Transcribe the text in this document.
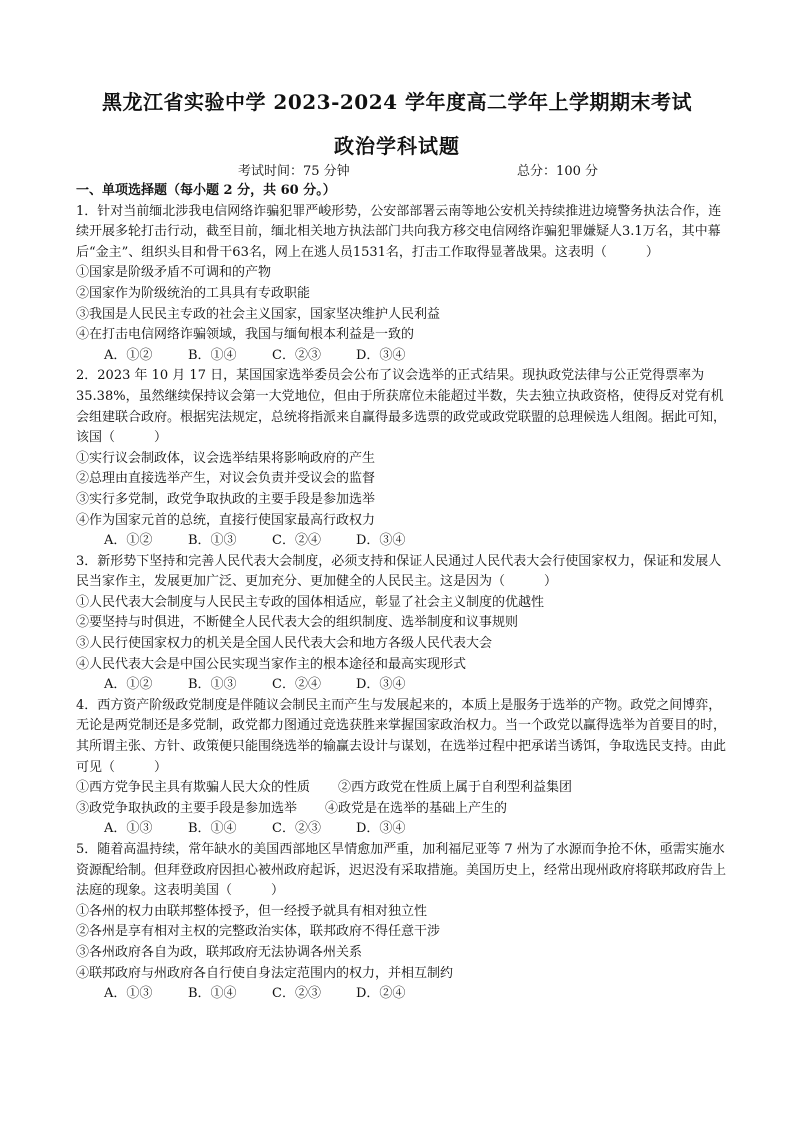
黑龙江省实验中学 2023-2024 学年度高二学年上学期期末考试
政治学科试题
考试时间：75 分钟	总分：100 分
一、单项选择题（每小题 2 分，共 60 分。）
1．针对当前缅北涉我电信网络诈骗犯罪严峻形势，公安部部署云南等地公安机关持续推进边境警务执法合作，连续开展多轮打击行动，截至目前，缅北相关地方执法部门共向我方移交电信网络诈骗犯罪嫌疑人3.1万名，其中幕后“金主”、组织头目和骨干63名，网上在逃人员1531名，打击工作取得显著战果。这表明（　　　）
①国家是阶级矛盾不可调和的产物
②国家作为阶级统治的工具具有专政职能
③我国是人民民主专政的社会主义国家，国家坚决维护人民利益
④在打击电信网络诈骗领域，我国与缅甸根本利益是一致的
A．①②	B．①④	C．②③	D．③④
2．2023 年 10 月 17 日，某国国家选举委员会公布了议会选举的正式结果。现执政党法律与公正党得票率为 35.38%，虽然继续保持议会第一大党地位，但由于所获席位未能超过半数，失去独立执政资格，使得反对党有机会组建联合政府。根据宪法规定，总统将指派来自赢得最多选票的政党或政党联盟的总理候选人组阁。据此可知，该国（　　　）
①实行议会制政体，议会选举结果将影响政府的产生
②总理由直接选举产生，对议会负责并受议会的监督
③实行多党制，政党争取执政的主要手段是参加选举
④作为国家元首的总统，直接行使国家最高行政权力
A．①②	B．①③	C．②④	D．③④
3．新形势下坚持和完善人民代表大会制度，必须支持和保证人民通过人民代表大会行使国家权力，保证和发展人民当家作主，发展更加广泛、更加充分、更加健全的人民民主。这是因为（　　　）
①人民代表大会制度与人民民主专政的国体相适应，彰显了社会主义制度的优越性
②要坚持与时俱进，不断健全人民代表大会的组织制度、选举制度和议事规则
③人民行使国家权力的机关是全国人民代表大会和地方各级人民代表大会
④人民代表大会是中国公民实现当家作主的根本途径和最高实现形式
A．①②	B．①③	C．②④	D．③④
4．西方资产阶级政党制度是伴随议会制民主而产生与发展起来的，本质上是服务于选举的产物。政党之间博弈，无论是两党制还是多党制，政党都力图通过竞选获胜来掌握国家政治权力。当一个政党以赢得选举为首要目的时，其所谓主张、方针、政策便只能围绕选举的输赢去设计与谋划，在选举过程中把承诺当诱饵，争取选民支持。由此可见（　　　）
①西方党争民主具有欺骗人民大众的性质 ②西方政党在性质上属于自利型利益集团
③政党争取执政的主要手段是参加选举 ④政党是在选举的基础上产生的
A．①③	B．①④	C．②③	D．③④
5．随着高温持续，常年缺水的美国西部地区旱情愈加严重，加利福尼亚等 7 州为了水源而争抢不休，亟需实施水资源配给制。但拜登政府因担心被州政府起诉，迟迟没有采取措施。美国历史上，经常出现州政府将联邦政府告上法庭的现象。这表明美国（　　　）
①各州的权力由联邦整体授予，但一经授予就具有相对独立性
②各州是享有相对主权的完整政治实体，联邦政府不得任意干涉
③各州政府各自为政，联邦政府无法协调各州关系
④联邦政府与州政府各自行使自身法定范围内的权力，并相互制约
A．①③	B．①④	C．②③	D．②④
